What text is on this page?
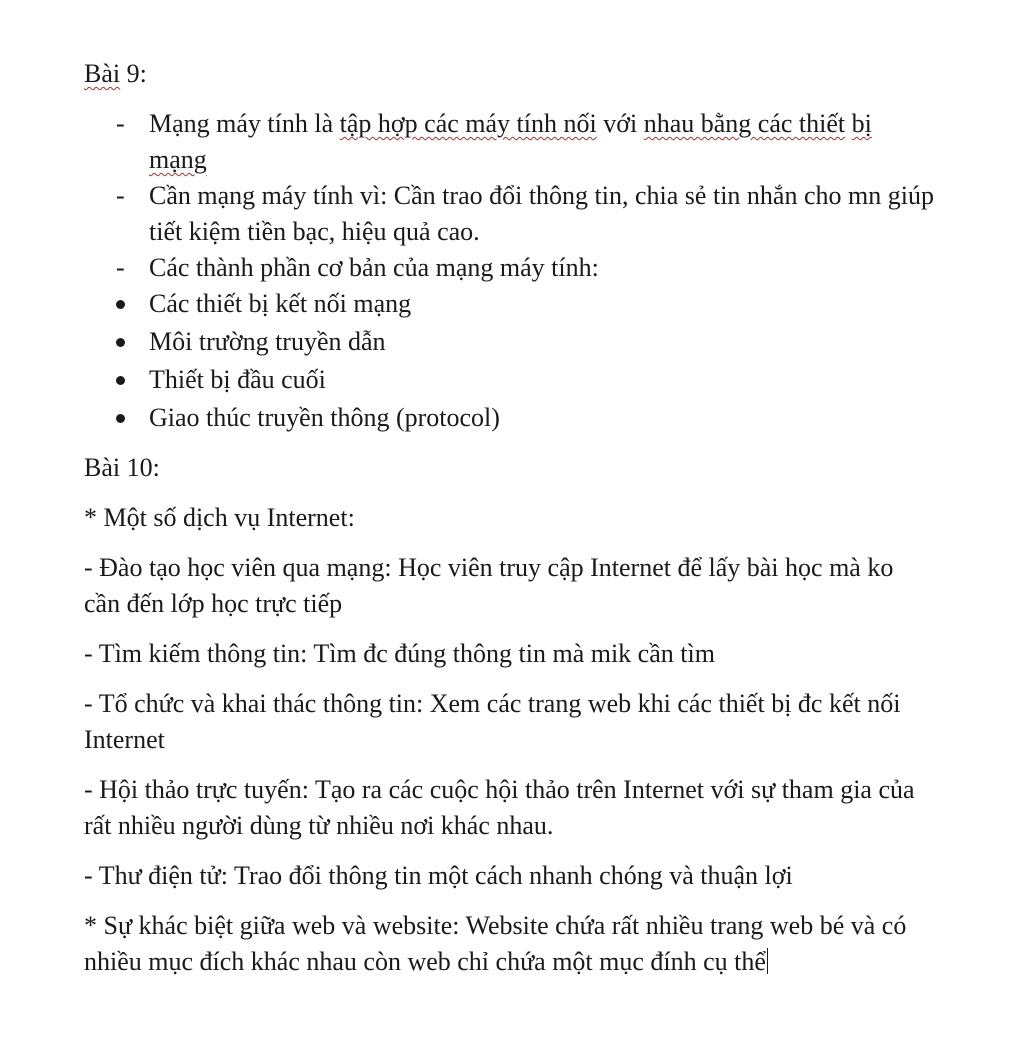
Bài 9:
- Mạng máy tính là tập hợp các máy tính nối với nhau bằng các thiết bị mạng
- Cần mạng máy tính vì: Cần trao đổi thông tin, chia sẻ tin nhắn cho mn giúp tiết kiệm tiền bạc, hiệu quả cao.
- Các thành phần cơ bản của mạng máy tính:
Các thiết bị kết nối mạng
Môi trường truyền dẫn
Thiết bị đầu cuối
Giao thúc truyền thông (protocol)
Bài 10:

* Một số dịch vụ Internet:

- Đào tạo học viên qua mạng: Học viên truy cập Internet để lấy bài học mà ko cần đến lớp học trực tiếp

- Tìm kiếm thông tin: Tìm đc đúng thông tin mà mik cần tìm

- Tổ chức và khai thác thông tin: Xem các trang web khi các thiết bị đc kết nối Internet

- Hội thảo trực tuyến: Tạo ra các cuộc hội thảo trên Internet với sự tham gia của rất nhiều người dùng từ nhiều nơi khác nhau.

- Thư điện tử: Trao đổi thông tin một cách nhanh chóng và thuận lợi

* Sự khác biệt giữa web và website: Website chứa rất nhiều trang web bé và có nhiều mục đích khác nhau còn web chỉ chứa một mục đính cụ thể
